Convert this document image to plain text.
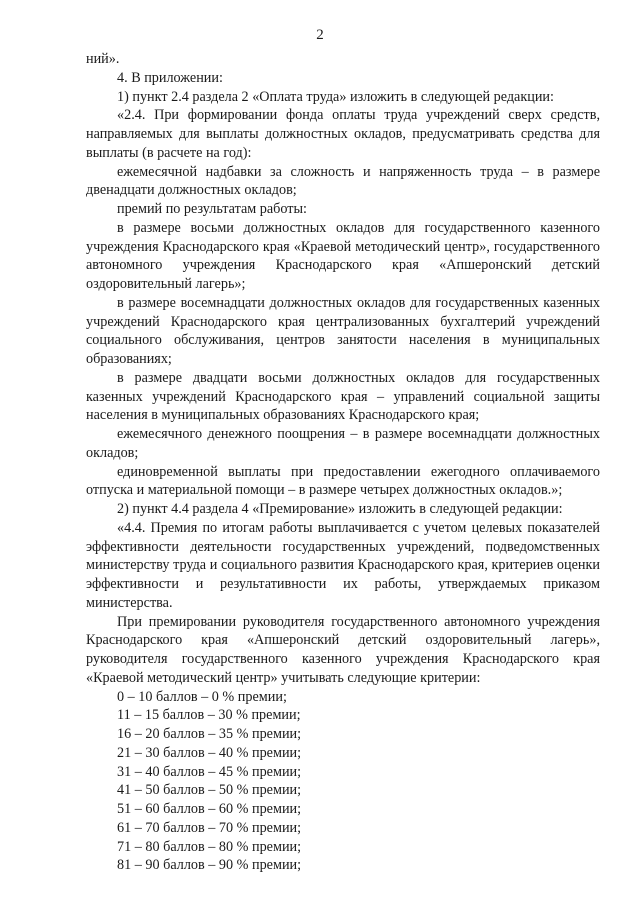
2

ний».

4. В приложении:

1) пункт 2.4 раздела 2 «Оплата труда» изложить в следующей редакции:

«2.4. При формировании фонда оплаты труда учреждений сверх средств, направляемых для выплаты должностных окладов, предусматривать средства для выплаты (в расчете на год):

ежемесячной надбавки за сложность и напряженность труда – в размере двенадцати должностных окладов;

премий по результатам работы:

в размере восьми должностных окладов для государственного казенного учреждения Краснодарского края «Краевой методический центр», государственного автономного учреждения Краснодарского края «Апшеронский детский оздоровительный лагерь»;

в размере восемнадцати должностных окладов для государственных казенных учреждений Краснодарского края централизованных бухгалтерий учреждений социального обслуживания, центров занятости населения в муниципальных образованиях;

в размере двадцати восьми должностных окладов для государственных казенных учреждений Краснодарского края – управлений социальной защиты населения в муниципальных образованиях Краснодарского края;

ежемесячного денежного поощрения – в размере восемнадцати должностных окладов;

единовременной выплаты при предоставлении ежегодного оплачиваемого отпуска и материальной помощи – в размере четырех должностных окладов.»;

2) пункт 4.4 раздела 4 «Премирование» изложить в следующей редакции:

«4.4. Премия по итогам работы выплачивается с учетом целевых показателей эффективности деятельности государственных учреждений, подведомственных министерству труда и социального развития Краснодарского края, критериев оценки эффективности и результативности их работы, утверждаемых приказом министерства.

При премировании руководителя государственного автономного учреждения Краснодарского края «Апшеронский детский оздоровительный лагерь», руководителя государственного казенного учреждения Краснодарского края «Краевой методический центр» учитывать следующие критерии:

0 – 10 баллов – 0 % премии;

11 – 15 баллов – 30 % премии;

16 – 20 баллов – 35 % премии;

21 – 30 баллов – 40 % премии;

31 – 40 баллов – 45 % премии;

41 – 50 баллов – 50 % премии;

51 – 60 баллов – 60 % премии;

61 – 70 баллов – 70 % премии;

71 – 80 баллов – 80 % премии;

81 – 90 баллов – 90 % премии;
